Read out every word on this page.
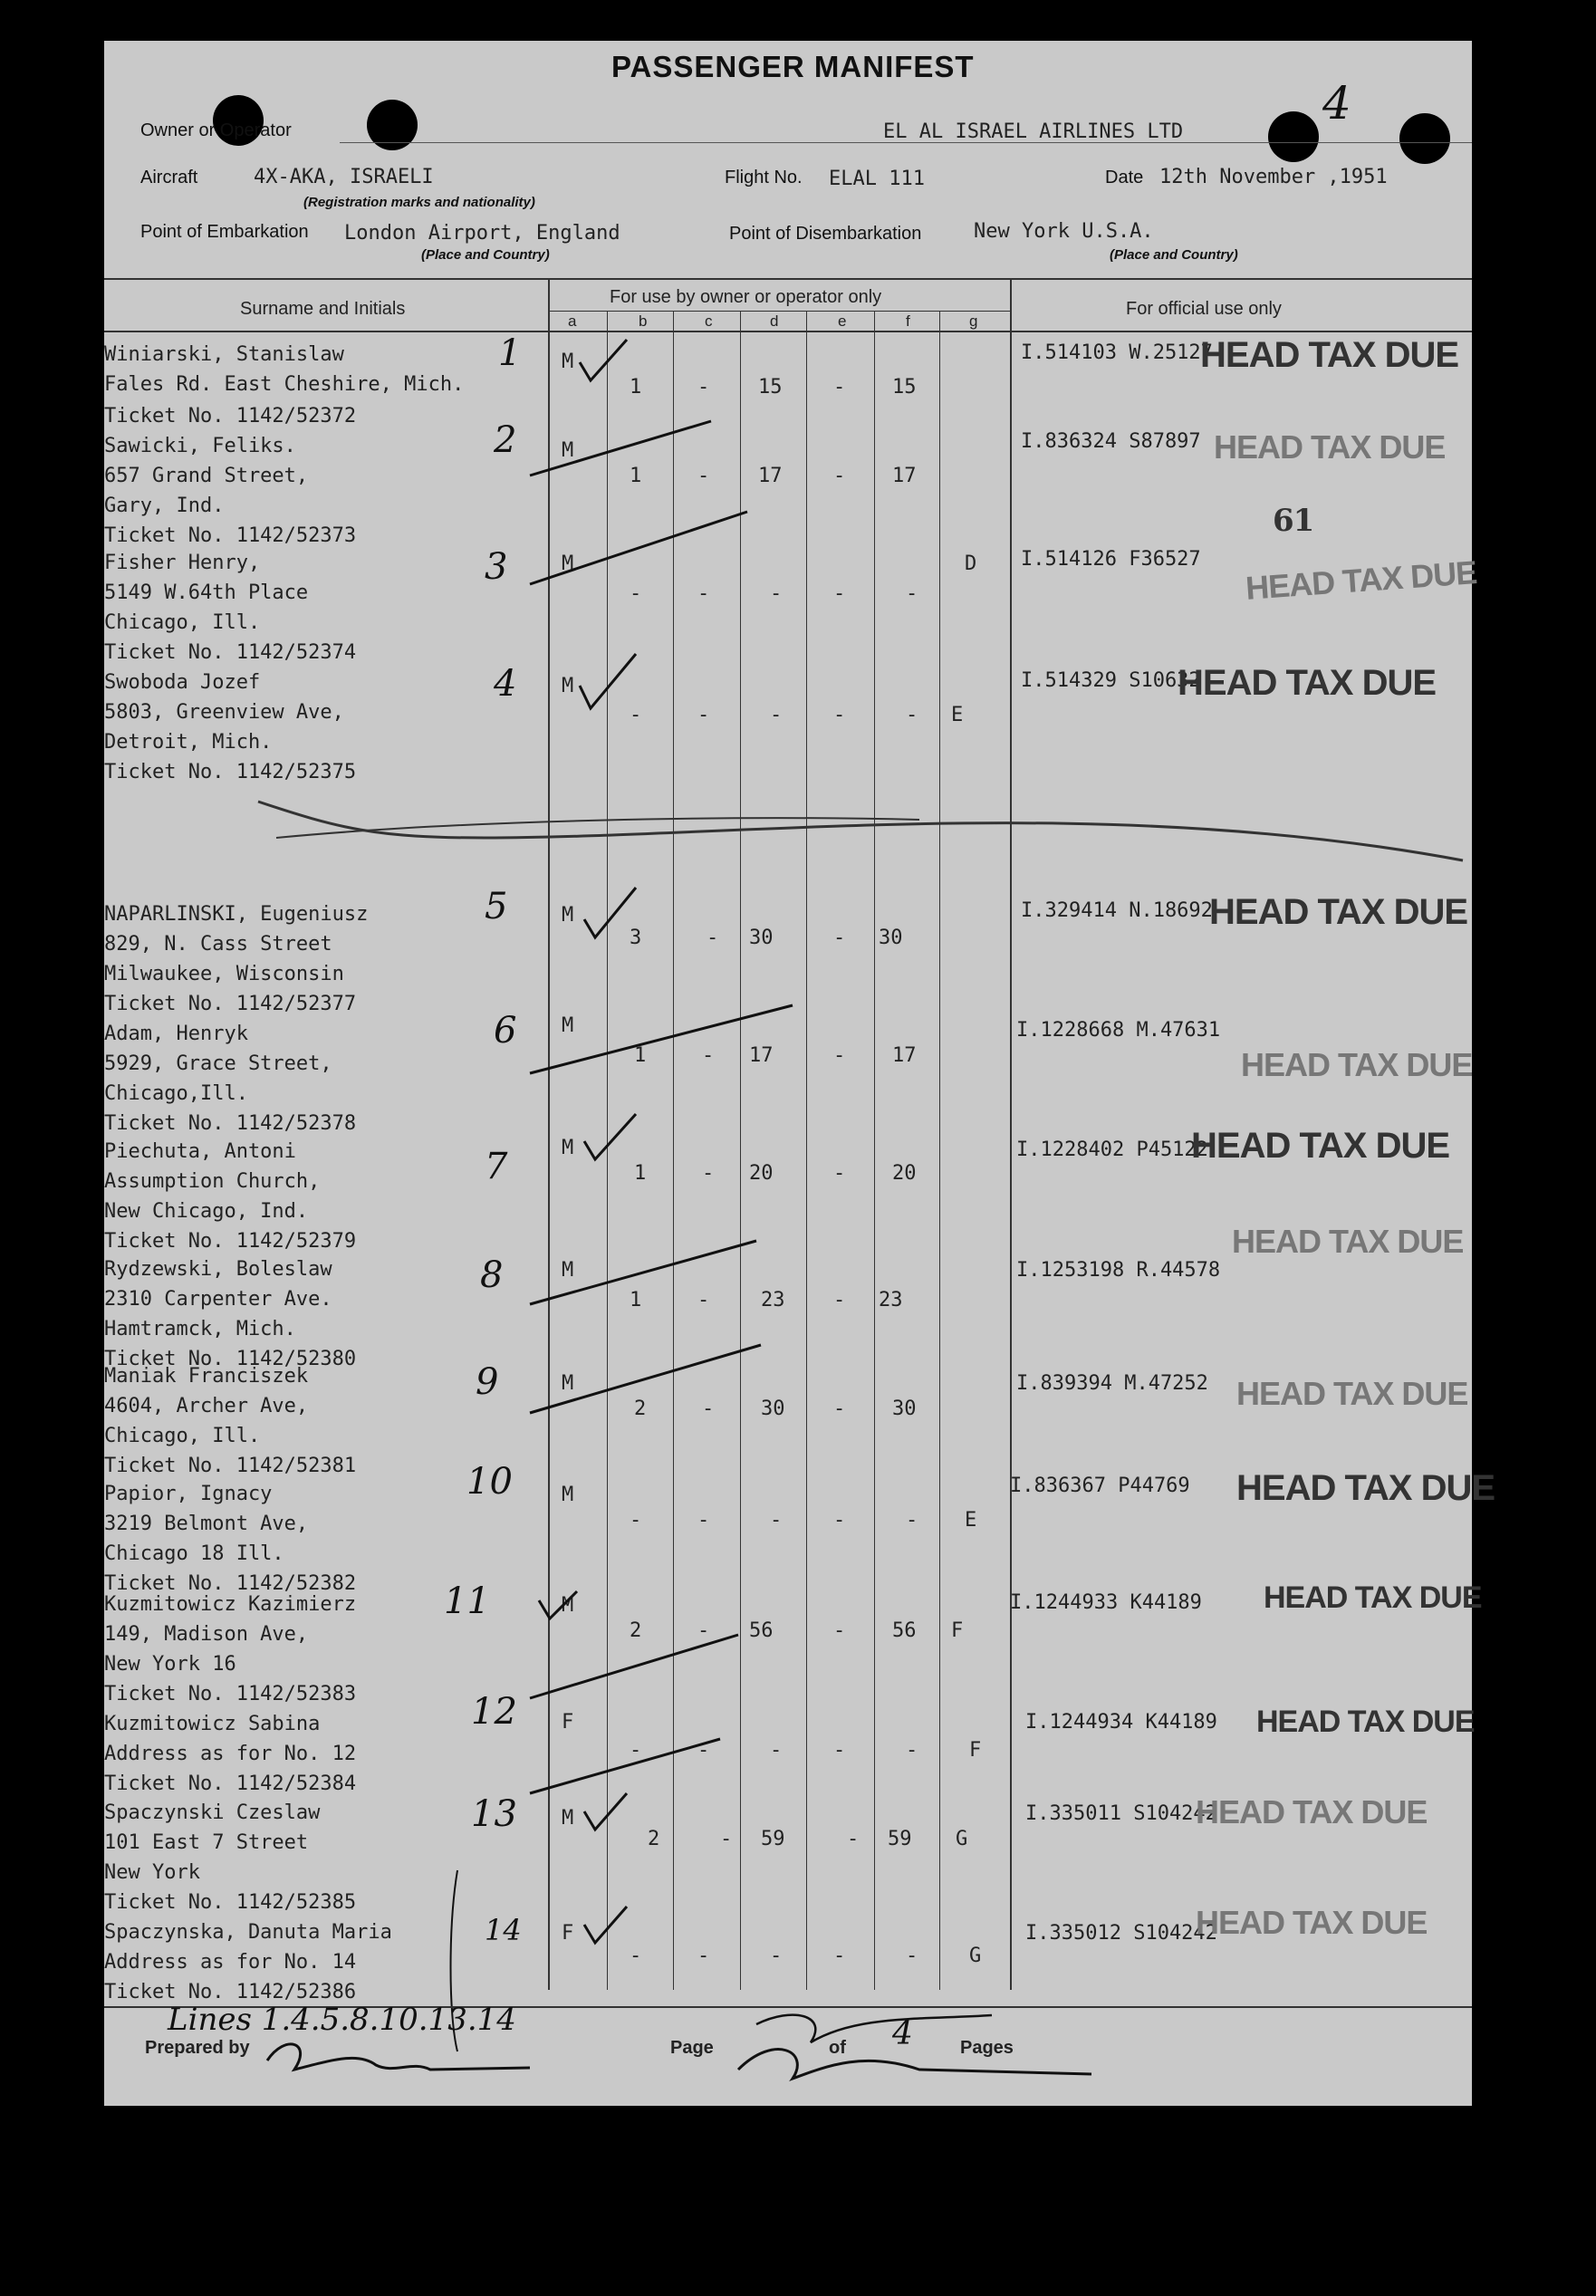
PASSENGER MANIFEST
4
Owner or Operator	EL AL ISRAEL AIRLINES LTD
Aircraft	4X-AKA, ISRAELI
(Registration marks and nationality)
Flight No. ELAL 111	Date 12th November ,1951
Point of Embarkation London Airport, England
(Place and Country)
Point of Disembarkation	New York U.S.A.
(Place and Country)
Surname and Initials
For use by owner or operator only
For official use only
a	b	c	d	e	f	g
Winiarski, Stanislaw
Fales Rd. East Cheshire, Mich.
1 M
1	- 15	- 15
I.514103 W.25127
HEAD TAX DUE
Ticket No. 1142/52372
Sawicki, Feliks.
657 Grand Street,
Gary, Ind.
Ticket No. 1142/52373
2 M
1	- 17	- 17
I.836324 S87897 HEAD TAX DUE
Fisher Henry,
5149 W.64th Place
Chicago, Ill.
Ticket No. 1142/52374
3	M
-	-	-	-	-
D I.514126 F36527
61
HEAD TAX DUE
Swoboda Jozef
5803, Greenview Ave,
Detroit, Mich.
Ticket No. 1142/52375
4 M
-	-	-	-	- E
I.514329 S10632
HEAD TAX DUE
NAPARLINSKI, Eugeniusz
829, N. Cass Street
Milwaukee, Wisconsin
Ticket No. 1142/52377
5	M
3	- 30	- 30
I.329414 N.18692
HEAD TAX DUE
Adam, Henryk
5929, Grace Street,
Chicago,Ill.
Ticket No. 1142/52378
6 M
1	- 17	- 17
I.1228668 M.47631
HEAD TAX DUE
Piechuta, Antoni
Assumption Church,
New Chicago, Ind.
Ticket No. 1142/52379
7	M
1	- 20	- 20
I.1228402 P45122
HEAD TAX DUE
Rydzewski, Boleslaw
2310 Carpenter Ave.
Hamtramck, Mich.
Ticket No. 1142/52380
8	M
1	-	23 - 23
I.1253198 R.44578
HEAD TAX DUE
Maniak Franciszek
4604, Archer Ave,
Chicago, Ill.
Ticket No. 1142/52381
9	M
2	- 30 - 30
I.839394 M.47252 HEAD TAX DUE
Papior, Ignacy
3219 Belmont Ave,
Chicago 18 Ill.
Ticket No. 1142/52382
10 M
-	-	-	-	- E
I.836367 P44769 HEAD TAX DUE
Kuzmitowicz Kazimierz
149, Madison Ave,
New York 16
Ticket No. 1142/52383
11	M
2	- 56	- 56 F
I.1244933 K44189 HEAD TAX DUE
Kuzmitowicz Sabina
Address as for No. 12
Ticket No. 1142/52384
12 F
-	-	-	-	-	F
I.1244934 K44189 HEAD TAX DUE
Spaczynski Czeslaw
101 East 7 Street
New York
Ticket No. 1142/52385
13 M
2	- 59	- 59 G
I.335011 S104242
HEAD TAX DUE
Spaczynska, Danuta Maria
Address as for No. 14
Ticket No. 1142/52386
14 F
-	-	-	-	-	G
I.335012 S104242
HEAD TAX DUE
Lines 1.4.5.8.10.13.14
Prepared by	Page	of 4	Pages
